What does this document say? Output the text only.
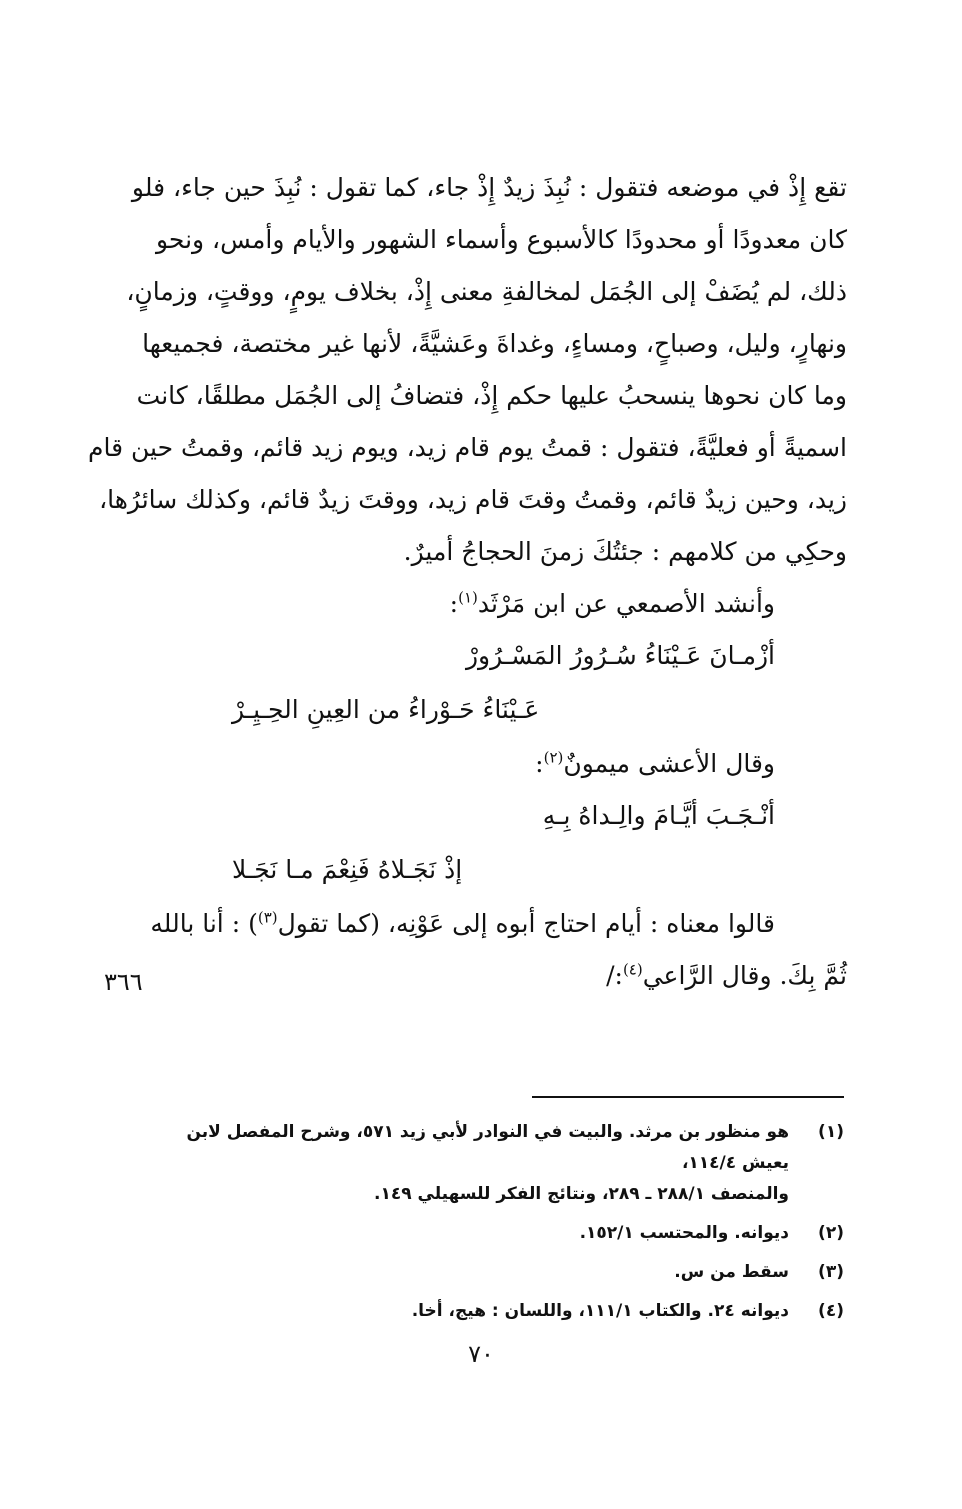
تقع إِذْ في موضعه فتقول : نُبِذَ زيدٌ إِذْ جاء، كما تقول : نُبِذَ حين جاء، فلو
كان معدودًا أو محدودًا كالأسبوع وأسماء الشهور والأيام وأمس، ونحو
ذلك، لم يُضَفْ إلى الجُمَل لمخالفةِ معنى إِذْ، بخلاف يومٍ، ووقتٍ، وزمانٍ،
ونهارٍ، وليل، وصباحٍ، ومساءٍ، وغداةَ وعَشيَّةً، لأنها غير مختصة، فجميعها
وما كان نحوها ينسحبُ عليها حكم إِذْ، فتضافُ إلى الجُمَل مطلقًا، كانت
اسميةً أو فعليَّةً، فتقول : قمتُ يوم قام زيد، ويوم زيد قائم، وقمتُ حين قام
زيد، وحين زيدٌ قائم، وقمتُ وقتَ قام زيد، ووقتَ زيدٌ قائم، وكذلك سائرُها،
وحكِي من كلامهم : جئتُكَ زمنَ الحجاجُ أميرٌ.
وأنشد الأصمعي عن ابن مَرْثَد$^{(١)}$:
أزْمـانَ عَـيْنَاءُ سُـرُورُ المَسْـرُورْ
عَـيْنَاءُ حَـوْراءُ من العِينِ الحِـيِـرْ
وقال الأعشى ميمونٌ$^{(٢)}$:
أنْـجَـبَ أيَّـامَ والِـداهُ بِـهِ
إذْ نَجَـلاهُ فَنِعْمَ مـا نَجَـلا
قالوا معناه : أيام احتاج أبوه إلى عَوْنِه، (كما تقول$^{(٣)}$) : أنا بالله
ثُمَّ بِكَ. وقال الرَّاعي$^{(٤)}$:/
٣٦٦
(١)
هو منظور بن مرثد. والبيت في النوادر لأبي زيد ٥٧١، وشرح المفصل لابن يعيش ١١٤/٤،
والمنصف ٢٨٨/١ ـ ٢٨٩، ونتائج الفكر للسهيلي ١٤٩.
(٢)
ديوانه. والمحتسب ١٥٢/١.
(٣)
سقط من س.
(٤)
ديوانه ٢٤. والكتاب ١١١/١، واللسان : هيج، أخا.
٧٠
